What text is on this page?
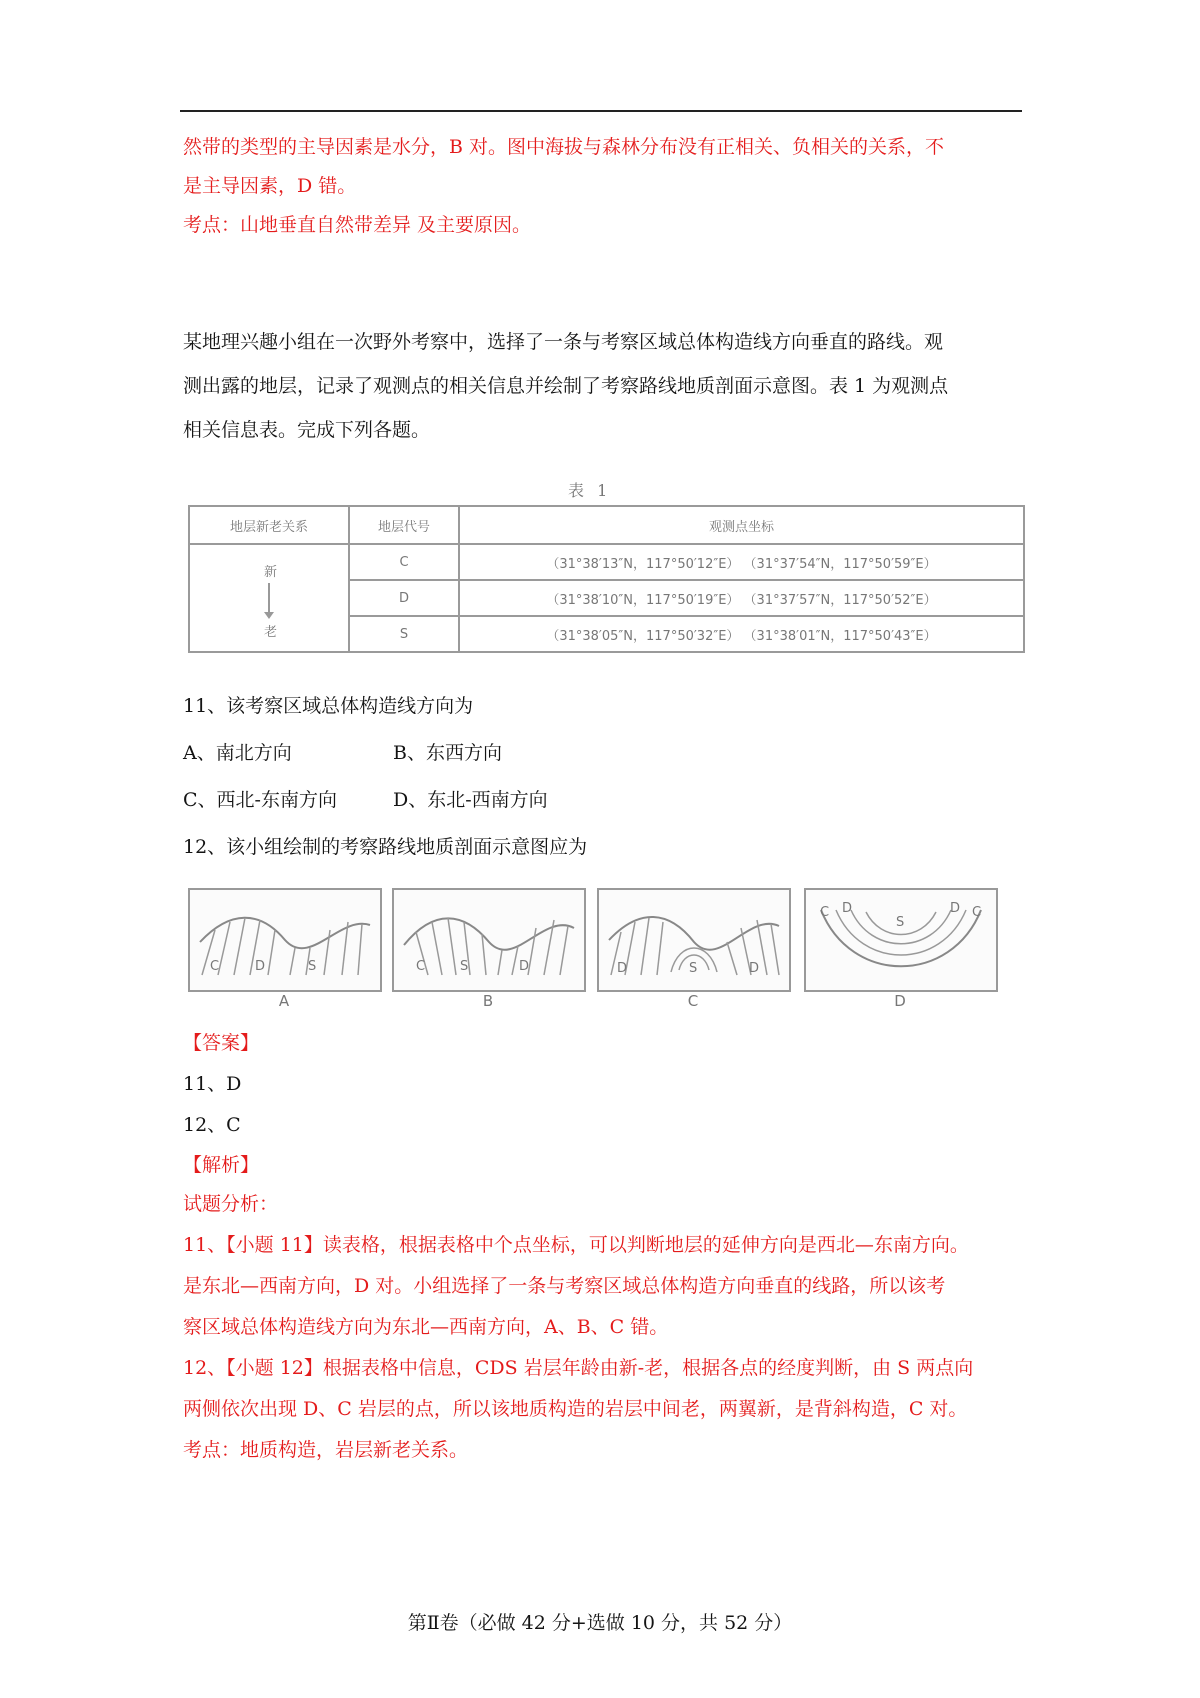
然带的类型的主导因素是水分，B 对。图中海拔与森林分布没有正相关、负相关的关系，不
是主导因素，D 错。
考点：山地垂直自然带差异 及主要原因。
某地理兴趣小组在一次野外考察中，选择了一条与考察区域总体构造线方向垂直的路线。观
测出露的地层，记录了观测点的相关信息并绘制了考察路线地质剖面示意图。表 1 为观测点
相关信息表。完成下列各题。
表 1
地层新老关系	地层代号	观测点坐标

新
老	C	（31°38′13″N，117°50′12″E） （31°37′54″N，117°50′59″E）
	D	（31°38′10″N，117°50′19″E） （31°37′57″N，117°50′52″E）
	S	（31°38′05″N，117°50′32″E） （31°38′01″N，117°50′43″E）
11、该考察区域总体构造线方向为
A、南北方向	B、东西方向
C、西北-东南方向	D、东北-西南方向
12、该小组绘制的考察路线地质剖面示意图应为
C	D	S
A
C	S	D
B
D	S	D
C
C D
S
D C
D
【答案】
11、D
12、C
【解析】
试题分析：
11、【小题 11】读表格，根据表格中个点坐标，可以判断地层的延伸方向是西北—东南方向。
是东北—西南方向，D 对。小组选择了一条与考察区域总体构造方向垂直的线路，所以该考
察区域总体构造线方向为东北—西南方向，A、B、C 错。
12、【小题 12】根据表格中信息，CDS 岩层年龄由新-老，根据各点的经度判断，由 S 两点向
两侧依次出现 D、C 岩层的点，所以该地质构造的岩层中间老，两翼新，是背斜构造，C 对。
考点：地质构造，岩层新老关系。
第Ⅱ卷（必做 42 分+选做 10 分，共 52 分）
